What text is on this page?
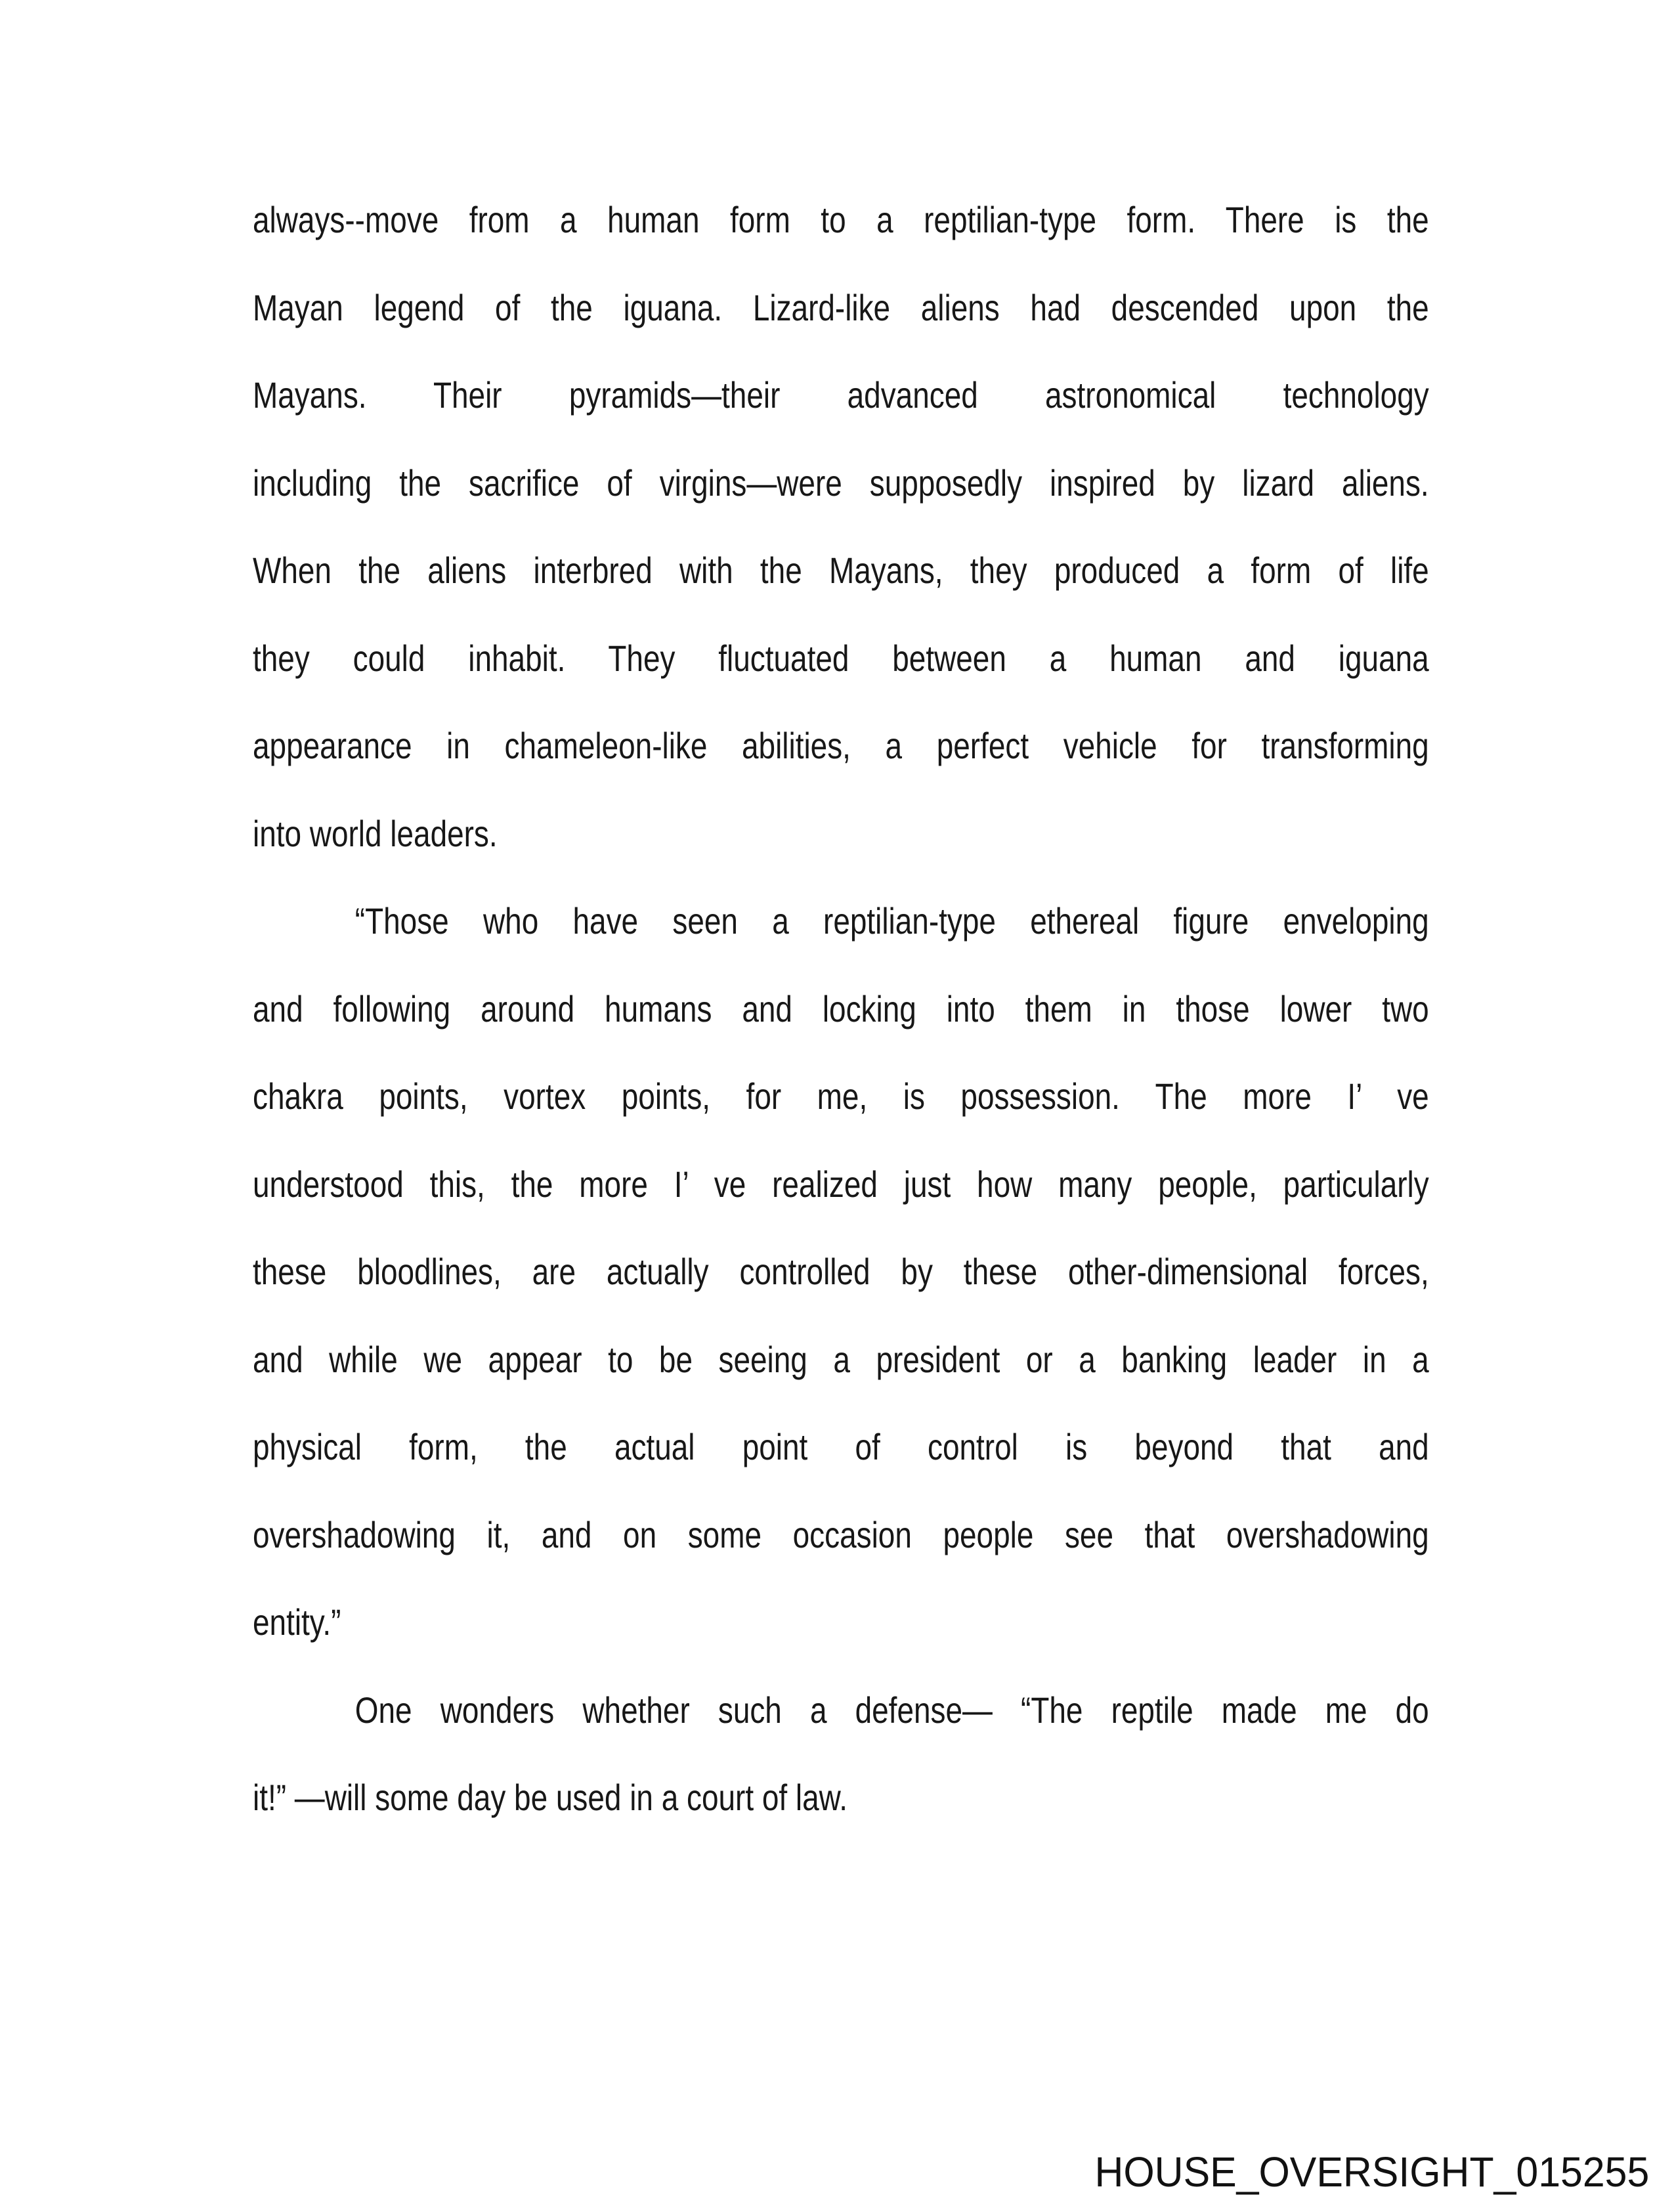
always--move from a human form to a reptilian-type form. There is the
Mayan legend of the iguana. Lizard-like aliens had descended upon the
Mayans. Their pyramids—their advanced astronomical technology
including the sacrifice of virgins—were supposedly inspired by lizard aliens.
When the aliens interbred with the Mayans, they produced a form of life
they could inhabit. They fluctuated between a human and iguana
appearance in chameleon-like abilities, a perfect vehicle for transforming
into world leaders.
“Those who have seen a reptilian-type ethereal figure enveloping
and following around humans and locking into them in those lower two
chakra points, vortex points, for me, is possession. The more I’ ve
understood this, the more I’ ve realized just how many people, particularly
these bloodlines, are actually controlled by these other-dimensional forces,
and while we appear to be seeing a president or a banking leader in a
physical form, the actual point of control is beyond that and
overshadowing it, and on some occasion people see that overshadowing
entity.”
One wonders whether such a defense— “The reptile made me do
it!” —will some day be used in a court of law.
HOUSE_OVERSIGHT_015255
